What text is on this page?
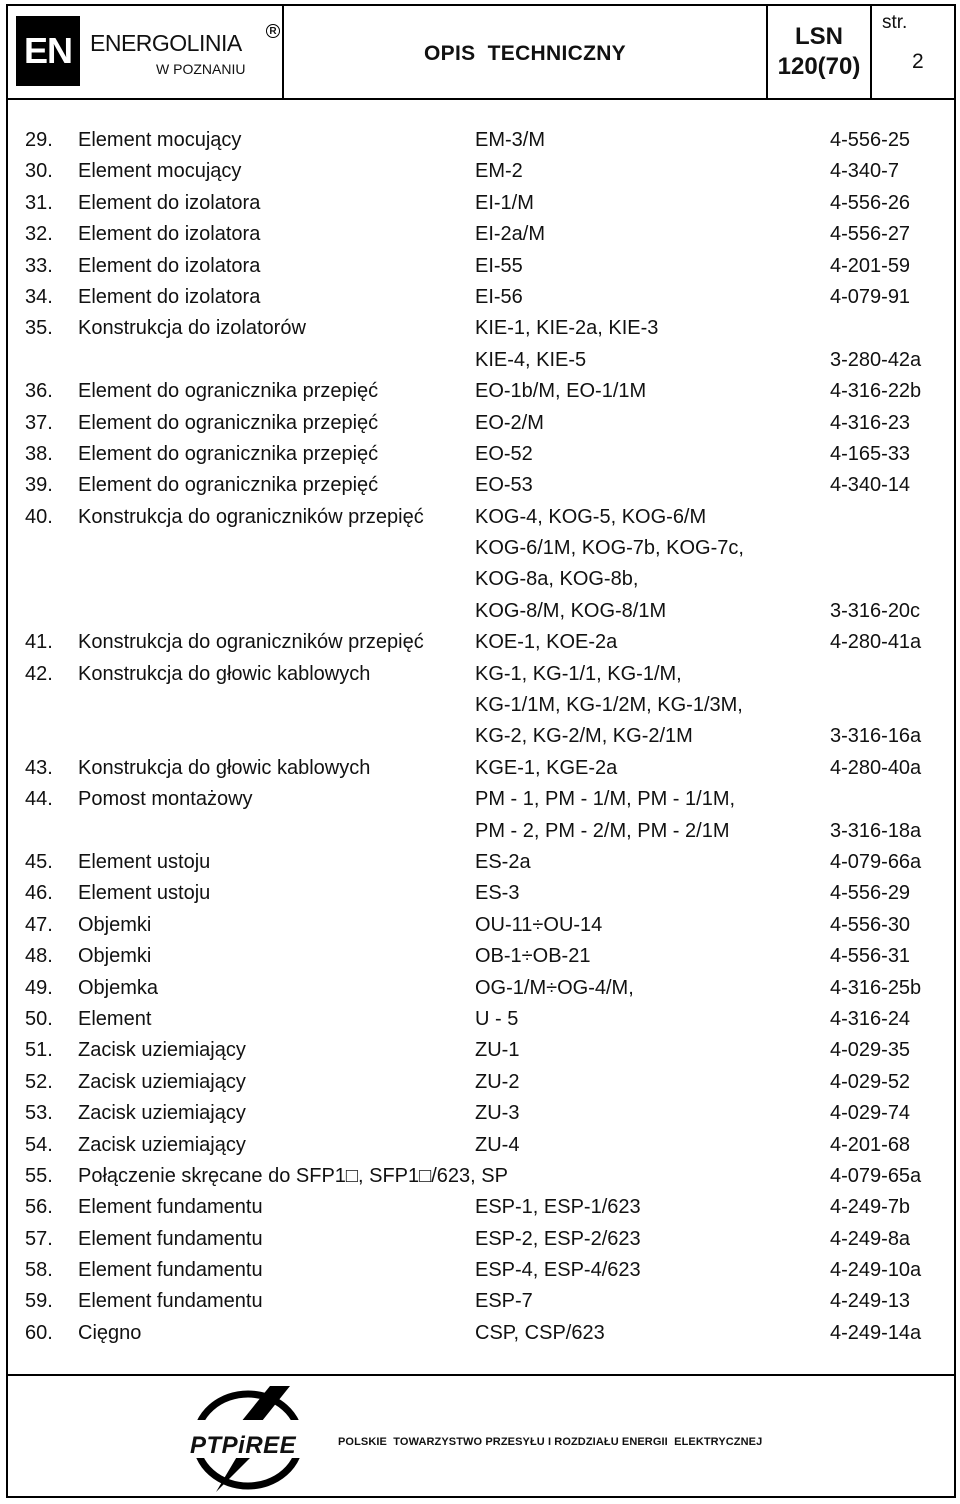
EN ENERGOLINIA	R
W POZNANIU
OPIS  TECHNICZNY
LSN
120(70)
str.
2
29. Element mocujący	EM-3/M	4-556-25
30. Element mocujący	EM-2	4-340-7
31. Element do izolatora	EI-1/M	4-556-26
32. Element do izolatora	EI-2a/M	4-556-27
33. Element do izolatora	EI-55	4-201-59
34. Element do izolatora	EI-56	4-079-91
35. Konstrukcja do izolatorów	KIE-1, KIE-2a, KIE-3
KIE-4, KIE-5	3-280-42a
36. Element do ogranicznika przepięć	EO-1b/M, EO-1/1M	4-316-22b
37. Element do ogranicznika przepięć	EO-2/M	4-316-23
38. Element do ogranicznika przepięć	EO-52	4-165-33
39. Element do ogranicznika przepięć	EO-53	4-340-14
40. Konstrukcja do ograniczników przepięć	KOG-4, KOG-5, KOG-6/M
KOG-6/1M, KOG-7b, KOG-7c,
KOG-8a, KOG-8b,
KOG-8/M, KOG-8/1M	3-316-20c
41. Konstrukcja do ograniczników przepięć	KOE-1, KOE-2a	4-280-41a
42. Konstrukcja do głowic kablowych	KG-1, KG-1/1, KG-1/M,
KG-1/1M, KG-1/2M, KG-1/3M,
KG-2, KG-2/M, KG-2/1M	3-316-16a
43. Konstrukcja do głowic kablowych	KGE-1, KGE-2a	4-280-40a
44. Pomost montażowy	PM - 1, PM - 1/M, PM - 1/1M,
PM - 2, PM - 2/M, PM - 2/1M	3-316-18a
45. Element ustoju	ES-2a	4-079-66a
46. Element ustoju	ES-3	4-556-29
47. Objemki	OU-11÷OU-14	4-556-30
48. Objemki	OB-1÷OB-21	4-556-31
49. Objemka	OG-1/M÷OG-4/M,	4-316-25b
50. Element	U - 5	4-316-24
51. Zacisk uziemiający	ZU-1	4-029-35
52. Zacisk uziemiający	ZU-2	4-029-52
53. Zacisk uziemiający	ZU-3	4-029-74
54. Zacisk uziemiający	ZU-4	4-201-68
55. Połączenie skręcane do SFP1□, SFP1□/623, SP	4-079-65a
56. Element fundamentu	ESP-1, ESP-1/623	4-249-7b
57. Element fundamentu	ESP-2, ESP-2/623	4-249-8a
58. Element fundamentu	ESP-4, ESP-4/623	4-249-10a
59. Element fundamentu	ESP-7	4-249-13
60. Cięgno	CSP, CSP/623	4-249-14a
PTPiREE	POLSKIE  TOWARZYSTWO PRZESYŁU I ROZDZIAŁU ENERGII  ELEKTRYCZNEJ
